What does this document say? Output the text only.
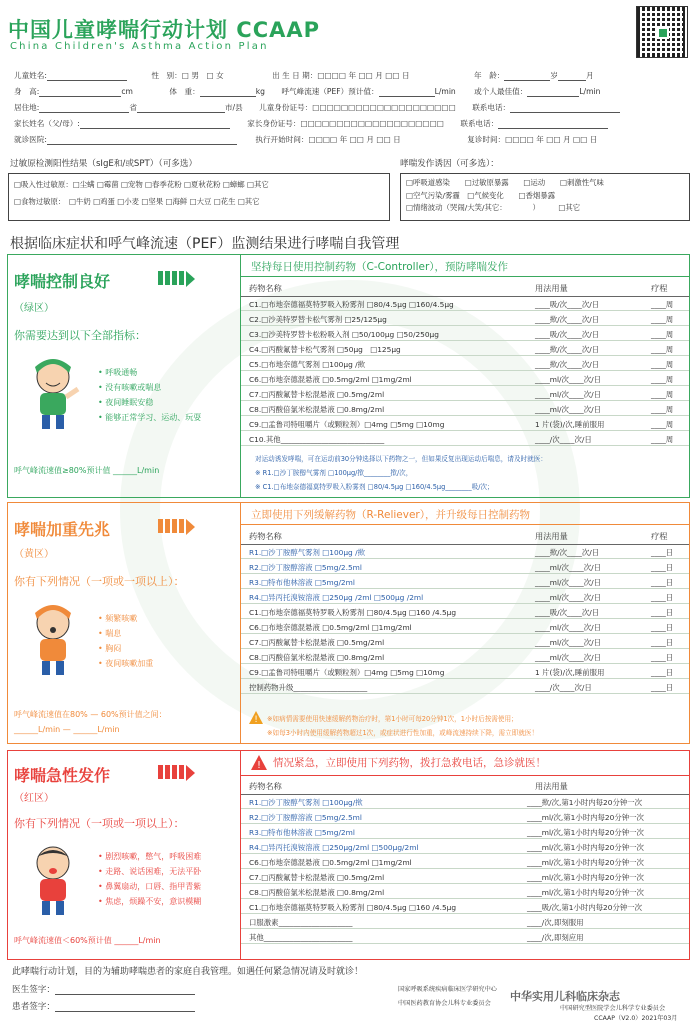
中国儿童哮喘行动计划 CCAAP
China Children's Asthma Action Plan
儿童姓名:	性　别：□ 男　□ 女	出 生 日 期：□□□□ 年 □□ 月 □□ 日	年　龄：	岁	月
身　高:	cm	体　重：	kg 呼气峰流速（PEF）预计值：	L/min 或个人最佳值：	L/min
居住地:	省	市/县 儿童身份证号：□□□□□□□□□□□□□□□□□□□□ 联系电话：
家长姓名（父/母）:	家长身份证号：□□□□□□□□□□□□□□□□□□□□ 联系电话：
就诊医院:	执行开始时间：□□□□ 年 □□ 月 □□ 日	复诊时间：□□□□ 年 □□ 月 □□ 日
过敏原检测阳性结果（sIgE和/或SPT）（可多选）
□吸入性过敏原：□尘螨 □霉菌 □宠物 □春季花粉 □夏秋花粉 □蟑螂 □其它
□食物过敏原：　□牛奶 □鸡蛋 □小麦 □坚果 □海鲜 □大豆 □花生 □其它
哮喘发作诱因（可多选）：
□呼吸道感染　　□过敏原暴露　　□运动　　□刺激性气味
□空气污染/雾霾　□气候变化　　□香烟暴露
□情绪波动（哭闹/大笑/其它：　　　　）　　　□其它
根据临床症状和呼气峰流速（PEF）监测结果进行哮喘自我管理
哮喘控制良好
（绿区）
你需要达到以下全部指标：
• 呼吸通畅
• 没有咳嗽或喘息
• 夜间睡眠安稳
• 能够正常学习、运动、玩耍
呼气峰流速值≥80%预计值 ______L/min
坚持每日使用控制药物（C-Controller），预防哮喘发作
药物名称	用法用量	疗程
C1.□布地奈德福莫特罗吸入粉雾剂 □80/4.5μg □160/4.5μg	____吸/次____次/日	____周
C2.□沙美特罗替卡松气雾剂 □25/125μg	____揿/次____次/日	____周
C3.□沙美特罗替卡松粉吸入剂 □50/100μg □50/250μg	____吸/次____次/日	____周
C4.□丙酸氟替卡松气雾剂 □50μg　□125μg	____揿/次____次/日	____周
C5.□布地奈德气雾剂 □100μg /揿	____揿/次____次/日	____周
C6.□布地奈德混悬液 □0.5mg/2ml □1mg/2ml	____ml/次____次/日	____周
C7.□丙酸氟替卡松混悬液 □0.5mg/2ml	____ml/次____次/日	____周
C8.□丙酸倍氯米松混悬液 □0.8mg/2ml	____ml/次____次/日	____周
C9.□孟鲁司特咀嚼片（或颗粒剂）□4mg □5mg □10mg	1 片(袋)/次,睡前服用	____周
C10.其他____________________________	____/次____次/日	____周
对运动诱发哮喘，可在运动前30分钟选择以下药物之一，但如果反复出现运动后喘息，请及时就医：
※ R1.□沙丁胺醇气雾剂 □100μg/揿________揿/次，
※ C1.□布地奈德福莫特罗吸入粉雾剂 □80/4.5μg □160/4.5μg________吸/次；
哮喘加重先兆
（黄区）
你有下列情况（一项或一项以上）：
• 频繁咳嗽
• 喘息
• 胸闷
• 夜间咳嗽加重
呼气峰流速值在80% — 60%预计值之间：
______L/min — ______L/min
立即使用下列缓解药物（R-Reliever），并升级每日控制药物
药物名称	用法用量	疗程
R1.□沙丁胺醇气雾剂 □100μg /揿	____揿/次____次/日	____日
R2.□沙丁胺醇溶液 □5mg/2.5ml	____ml/次____次/日	____日
R3.□特布他林溶液 □5mg/2ml	____ml/次____次/日	____日
R4.□异丙托溴铵溶液 □250μg /2ml □500μg /2ml	____ml/次____次/日	____日
C1.□布地奈德福莫特罗吸入粉雾剂 □80/4.5μg □160 /4.5μg	____吸/次____次/日	____日
C6.□布地奈德混悬液 □0.5mg/2ml □1mg/2ml	____ml/次____次/日	____日
C7.□丙酸氟替卡松混悬液 □0.5mg/2ml	____ml/次____次/日	____日
C8.□丙酸倍氯米松混悬液 □0.8mg/2ml	____ml/次____次/日	____日
C9.□孟鲁司特咀嚼片（或颗粒剂）□4mg □5mg □10mg	1 片(袋)/次,睡前服用	____日
控制药物升级____________________	____/次____次/日	____日
! ※如病情需要使用快速缓解药物治疗时，第1小时可每20分钟1次，1小时后按需使用；
※如每3小时内使用缓解药物超过1次，或症状进行性加重，或峰流速持续下降，需立即就医！
哮喘急性发作
（红区）
你有下列情况（一项或一项以上）：
• 剧烈咳嗽，憋气，呼吸困难
• 走路、说话困难，无法平卧
• 鼻翼扇动，口唇、指甲青紫
• 焦虑，烦躁不安，意识模糊
呼气峰流速值＜60%预计值 ______L/min
! 情况紧急，立即使用下列药物，拨打急救电话，急诊就医！
药物名称	用法用量
R1.□沙丁胺醇气雾剂 □100μg/揿	____揿/次,第1小时内每20分钟一次
R2.□沙丁胺醇溶液 □5mg/2.5ml	____ml/次,第1小时内每20分钟一次
R3.□特布他林溶液 □5mg/2ml	____ml/次,第1小时内每20分钟一次
R4.□异丙托溴铵溶液 □250μg/2ml □500μg/2ml	____ml/次,第1小时内每20分钟一次
C6.□布地奈德混悬液 □0.5mg/2ml □1mg/2ml	____ml/次,第1小时内每20分钟一次
C7.□丙酸氟替卡松混悬液 □0.5mg/2ml	____ml/次,第1小时内每20分钟一次
C8.□丙酸倍氯米松混悬液 □0.8mg/2ml	____ml/次,第1小时内每20分钟一次
C1.□布地奈德福莫特罗吸入粉雾剂 □80/4.5μg □160 /4.5μg	____吸/次,第1小时内每20分钟一次
口服激素____________________	____/次,即刻服用
其他________________________	____/次,即刻应用
此哮喘行动计划，目的为辅助哮喘患者的家庭自我管理。如遇任何紧急情况请及时就诊！
医生签字：
患者签字：
国家呼吸系统疾病临床医学研究中心
中国医药教育协会儿科专业委员会
中华实用儿科临床杂志
中国研究型医院学会儿科学专业委员会
CCAAP（V2.0）2021年03月
